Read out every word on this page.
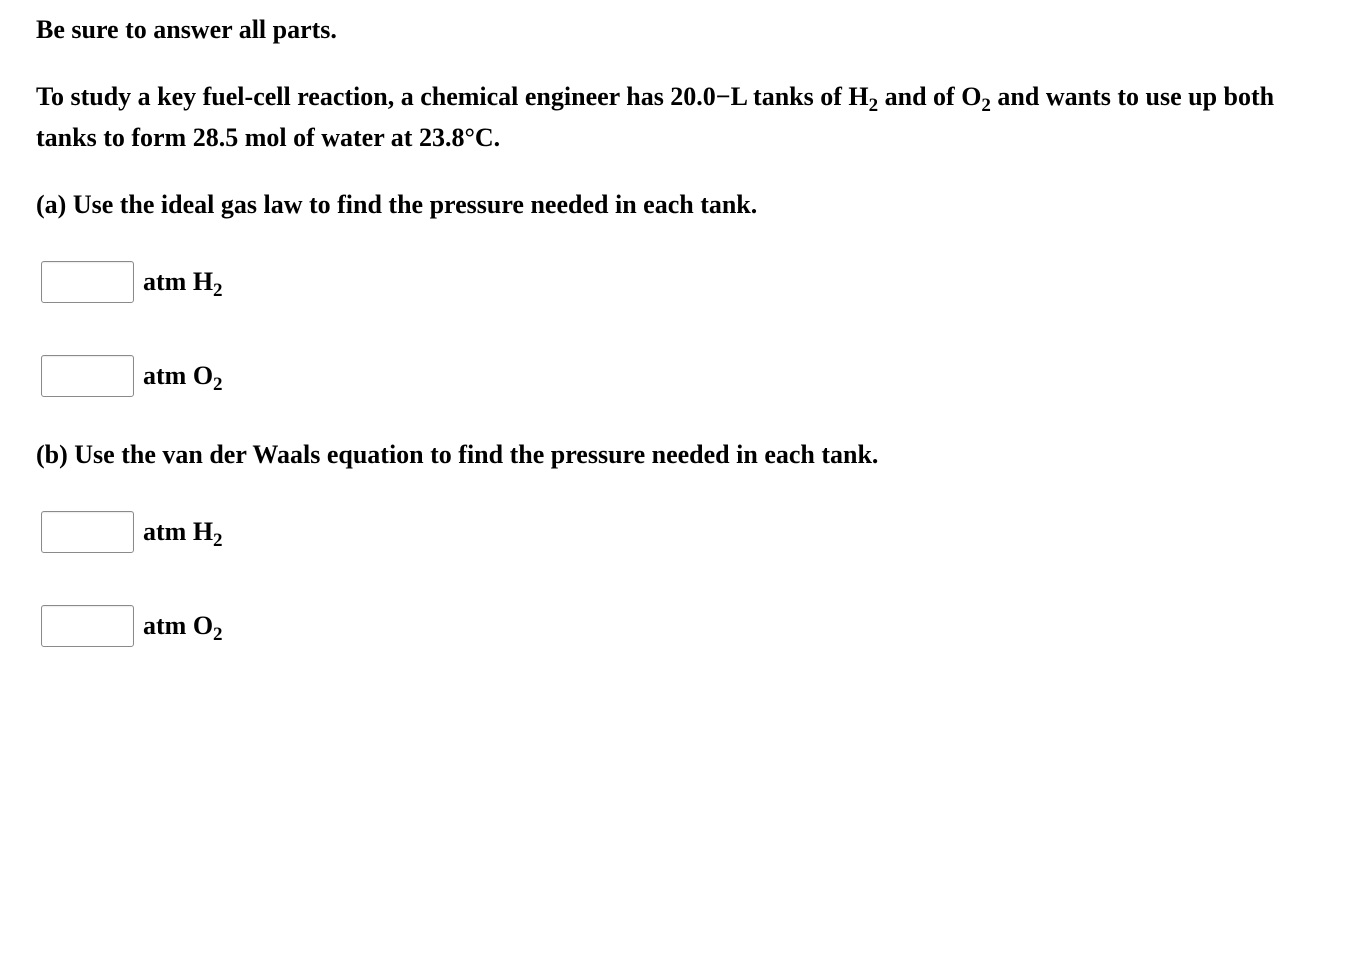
Be sure to answer all parts.
To study a key fuel-cell reaction, a chemical engineer has 20.0−L tanks of $H_2$ and of $O_2$ and wants to use up both tanks to form 28.5 mol of water at 23.8°C.
(a) Use the ideal gas law to find the pressure needed in each tank.
atm $H_2$
atm $O_2$
(b) Use the van der Waals equation to find the pressure needed in each tank.
atm $H_2$
atm $O_2$
